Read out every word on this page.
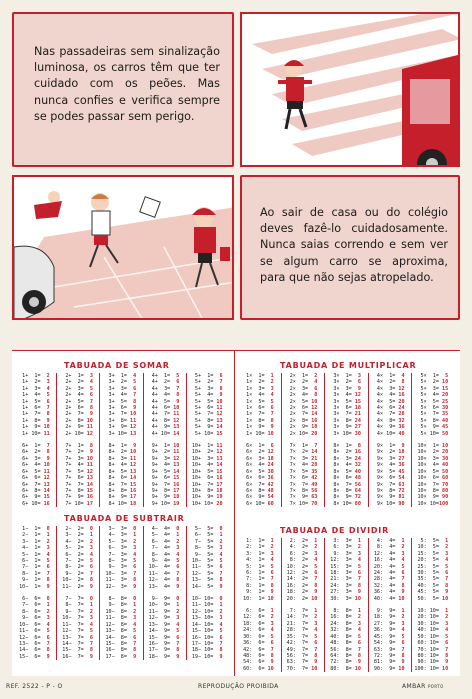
Nas passadeiras sem sinalização luminosa, os carros têm que ter cuidado com os peões. Mas nunca confies e verifica sempre se podes passar sem perigo.

Ao sair de casa ou do colégio deves fazê-lo cuidadosamente. Nunca saias correndo e sem ver se algum carro se aproxima, para que não sejas atropelado.

TABUADA DE SOMAR
1+  1=  2
1+  2=  3
1+  3=  4
1+  4=  5
1+  5=  6
1+  6=  7
1+  7=  8
1+  8=  9
1+  9= 10
1+ 10= 11
6+  1=  7
6+  2=  8
6+  3=  9
6+  4= 10
6+  5= 11
6+  6= 12
6+  7= 13
6+  8= 14
6+  9= 15
6+ 10= 16
2+  1=  3
2+  2=  4
2+  3=  5
2+  4=  6
2+  5=  7
2+  6=  8
2+  7=  9
2+  8= 10
2+  9= 11
2+ 10= 12
7+  1=  8
7+  2=  9
7+  3= 10
7+  4= 11
7+  5= 12
7+  6= 13
7+  7= 14
7+  8= 15
7+  9= 16
7+ 10= 17
3+  1=  4
3+  2=  5
3+  3=  6
3+  4=  7
3+  5=  8
3+  6=  9
3+  7= 10
3+  8= 11
3+  9= 12
3+ 10= 13
8+  1=  9
8+  2= 10
8+  3= 11
8+  4= 12
8+  5= 13
8+  6= 14
8+  7= 15
8+  8= 16
8+  9= 17
8+ 10= 18
4+  1=  5
4+  2=  6
4+  3=  7
4+  4=  8
4+  5=  9
4+  6= 10
4+  7= 11
4+  8= 12
4+  9= 13
4+ 10= 14
9+  1= 10
9+  2= 11
9+  3= 12
9+  4= 13
9+  5= 14
9+  6= 15
9+  7= 16
9+  8= 17
9+  9= 18
9+ 10= 19
5+  1=  6
5+  2=  7
5+  3=  8
5+  4=  9
5+  5= 10
5+  6= 11
5+  7= 12
5+  8= 13
5+  9= 14
5+ 10= 15
10+  1= 11
10+  2= 12
10+  3= 13
10+  4= 14
10+  5= 15
10+  6= 16
10+  7= 17
10+  8= 18
10+  9= 19
10+ 10= 20
TABUADA DE SUBTRAIR
1−  1=  0
2−  1=  1
3−  1=  2
4−  1=  3
5−  1=  4
6−  1=  5
7−  1=  6
8−  1=  7
9−  1=  8
10−  1=  9
6−  6=  0
7−  6=  1
8−  6=  2
9−  6=  3
10−  6=  4
11−  6=  5
12−  6=  6
13−  6=  7
14−  6=  8
15−  6=  9
2−  2=  0
3−  2=  1
4−  2=  2
5−  2=  3
6−  2=  4
7−  2=  5
8−  2=  6
9−  2=  7
10−  2=  8
11−  2=  9
7−  7=  0
8−  7=  1
9−  7=  2
10−  7=  3
11−  7=  4
12−  7=  5
13−  7=  6
14−  7=  7
15−  7=  8
16−  7=  9
3−  3=  0
4−  3=  1
5−  3=  2
6−  3=  3
7−  3=  4
8−  3=  5
9−  3=  6
10−  3=  7
11−  3=  8
12−  3=  9
8−  8=  0
9−  8=  1
10−  8=  2
11−  8=  3
12−  8=  4
13−  8=  5
14−  8=  6
15−  8=  7
16−  8=  8
17−  8=  9
4−  4=  0
5−  4=  1
6−  4=  2
7−  4=  3
8−  4=  4
9−  4=  5
10−  4=  6
11−  4=  7
12−  4=  8
13−  4=  9
9−  9=  0
10−  9=  1
11−  9=  2
12−  9=  3
13−  9=  4
14−  9=  5
15−  9=  6
16−  9=  7
17−  9=  8
18−  9=  9
5−  5=  0
6−  5=  1
7−  5=  2
8−  5=  3
9−  5=  4
10−  5=  5
11−  5=  6
12−  5=  7
13−  5=  8
14−  5=  9
10− 10=  0
11− 10=  1
12− 10=  2
13− 10=  3
14− 10=  4
15− 10=  5
16− 10=  6
17− 10=  7
18− 10=  8
19− 10=  9
TABUADA DE MULTIPLICAR
1×  1=  1
1×  2=  2
1×  3=  3
1×  4=  4
1×  5=  5
1×  6=  6
1×  7=  7
1×  8=  8
1×  9=  9
1× 10= 10
6×  1=  6
6×  2= 12
6×  3= 18
6×  4= 24
6×  5= 30
6×  6= 36
6×  7= 42
6×  8= 48
6×  9= 54
6× 10= 60
2×  1=  2
2×  2=  4
2×  3=  6
2×  4=  8
2×  5= 10
2×  6= 12
2×  7= 14
2×  8= 16
2×  9= 18
2× 10= 20
7×  1=  7
7×  2= 14
7×  3= 21
7×  4= 28
7×  5= 35
7×  6= 42
7×  7= 49
7×  8= 56
7×  9= 63
7× 10= 70
3×  1=  3
3×  2=  6
3×  3=  9
3×  4= 12
3×  5= 15
3×  6= 18
3×  7= 21
3×  8= 24
3×  9= 27
3× 10= 30
8×  1=  8
8×  2= 16
8×  3= 24
8×  4= 32
8×  5= 40
8×  6= 48
8×  7= 56
8×  8= 64
8×  9= 72
8× 10= 80
4×  1=  4
4×  2=  8
4×  3= 12
4×  4= 16
4×  5= 20
4×  6= 24
4×  7= 28
4×  8= 32
4×  9= 36
4× 10= 40
9×  1=  9
9×  2= 18
9×  3= 27
9×  4= 36
9×  5= 45
9×  6= 54
9×  7= 63
9×  8= 72
9×  9= 81
9× 10= 90
5×  1=  5
5×  2= 10
5×  3= 15
5×  4= 20
5×  5= 25
5×  6= 30
5×  7= 35
5×  8= 40
5×  9= 45
5× 10= 50
10×  1= 10
10×  2= 20
10×  3= 30
10×  4= 40
10×  5= 50
10×  6= 60
10×  7= 70
10×  8= 80
10×  9= 90
10× 10=100
TABUADA DE DIVIDIR
1:  1=  1
2:  1=  2
3:  1=  3
4:  1=  4
5:  1=  5
6:  1=  6
7:  1=  7
8:  1=  8
9:  1=  9
10:  1= 10
6:  6=  1
12:  6=  2
18:  6=  3
24:  6=  4
30:  6=  5
36:  6=  6
42:  6=  7
48:  6=  8
54:  6=  9
60:  6= 10
2:  2=  1
4:  2=  2
6:  2=  3
8:  2=  4
10:  2=  5
12:  2=  6
14:  2=  7
16:  2=  8
18:  2=  9
20:  2= 10
7:  7=  1
14:  7=  2
21:  7=  3
28:  7=  4
35:  7=  5
42:  7=  6
49:  7=  7
56:  7=  8
63:  7=  9
70:  7= 10
3:  3=  1
6:  3=  2
9:  3=  3
12:  3=  4
15:  3=  5
18:  3=  6
21:  3=  7
24:  3=  8
27:  3=  9
30:  3= 10
8:  8=  1
16:  8=  2
24:  8=  3
32:  8=  4
40:  8=  5
48:  8=  6
56:  8=  7
64:  8=  8
72:  8=  9
80:  8= 10
4:  4=  1
8:  4=  2
12:  4=  3
16:  4=  4
20:  4=  5
24:  4=  6
28:  4=  7
32:  4=  8
36:  4=  9
40:  4= 10
9:  9=  1
18:  9=  2
27:  9=  3
36:  9=  4
45:  9=  5
54:  9=  6
63:  9=  7
72:  9=  8
81:  9=  9
90:  9= 10
5:  5=  1
10:  5=  2
15:  5=  3
20:  5=  4
25:  5=  5
30:  5=  6
35:  5=  7
40:  5=  8
45:  5=  9
50:  5= 10
10: 10=  1
20: 10=  2
30: 10=  3
40: 10=  4
50: 10=  5
60: 10=  6
70: 10=  7
80: 10=  8
90: 10=  9
100: 10= 10
REF. 2522 - P - O	REPRODUÇÃO PROIBIDA	AMBAR PORTO
